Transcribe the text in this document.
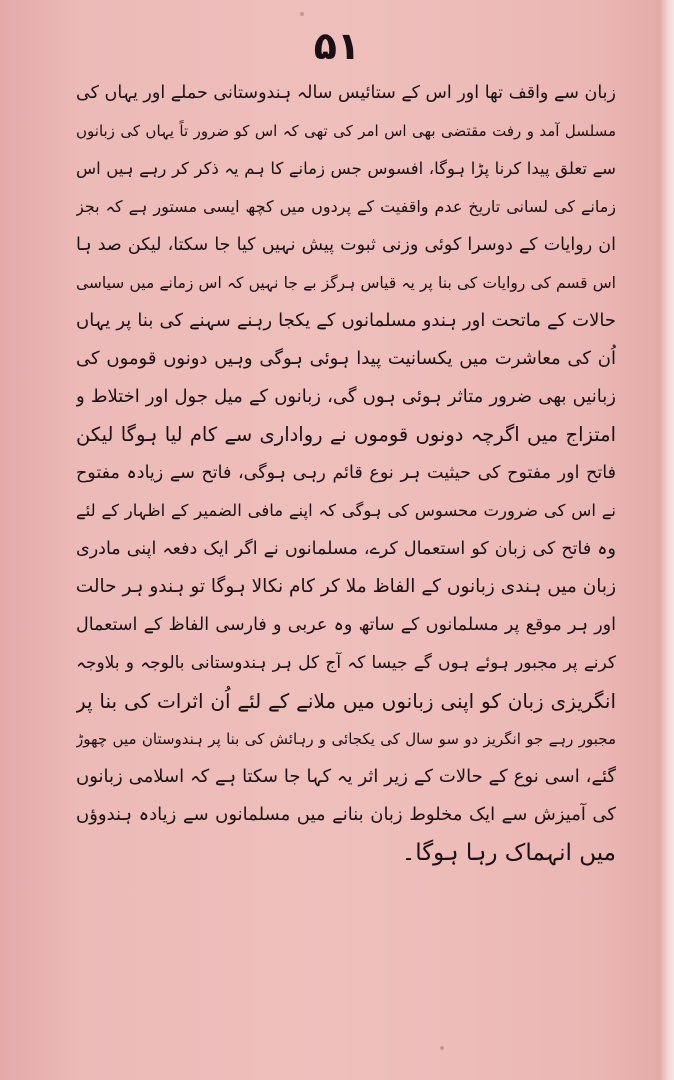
۵۱
زبان سے واقف تھا اور اس کے ستائیس سالہ ہندوستانی حملے اور یہاں کی
مسلسل آمد و رفت مقتضی بھی اس امر کی تھی کہ اس کو ضرور تاً یہاں کی زبانوں
سے تعلق پیدا کرنا پڑا ہوگا، افسوس جس زمانے کا ہم یہ ذکر کر رہے ہیں اس
زمانے کی لسانی تاریخ عدم واقفیت کے پردوں میں کچھ ایسی مستور ہے کہ بجز
ان روایات کے دوسرا کوئی وزنی ثبوت پیش نہیں کیا جا سکتا، لیکن صد ہا
اس قسم کی روایات کی بنا پر یہ قیاس ہرگز بے جا نہیں کہ اس زمانے میں سیاسی
حالات کے ماتحت اور ہندو مسلمانوں کے یکجا رہنے سہنے کی بنا پر یہاں
اُن کی معاشرت میں یکسانیت پیدا ہوئی ہوگی وہیں دونوں قوموں کی
زبانیں بھی ضرور متاثر ہوئی ہوں گی، زبانوں کے میل جول اور اختلاط و
امتزاج میں اگرچہ دونوں قوموں نے رواداری سے کام لیا ہوگا لیکن
فاتح اور مفتوح کی حیثیت ہر نوع قائم رہی ہوگی، فاتح سے زیادہ مفتوح
نے اس کی ضرورت محسوس کی ہوگی کہ اپنے مافی الضمیر کے اظہار کے لئے
وہ فاتح کی زبان کو استعمال کرے، مسلمانوں نے اگر ایک دفعہ اپنی مادری
زبان میں ہندی زبانوں کے الفاظ ملا کر کام نکالا ہوگا تو ہندو ہر حالت
اور ہر موقع پر مسلمانوں کے ساتھ وہ عربی و فارسی الفاظ کے استعمال
کرنے پر مجبور ہوئے ہوں گے جیسا کہ آج کل ہر ہندوستانی بالوجہ و بلاوجہ
انگریزی زبان کو اپنی زبانوں میں ملانے کے لئے اُن اثرات کی بنا پر
مجبور رہے جو انگریز دو سو سال کی یکجائی و رہائش کی بنا پر ہندوستان میں چھوڑ
گئے، اسی نوع کے حالات کے زیر اثر یہ کہا جا سکتا ہے کہ اسلامی زبانوں
کی آمیزش سے ایک مخلوط زبان بنانے میں مسلمانوں سے زیادہ ہندوؤں
میں انہماک رہا ہوگا۔
